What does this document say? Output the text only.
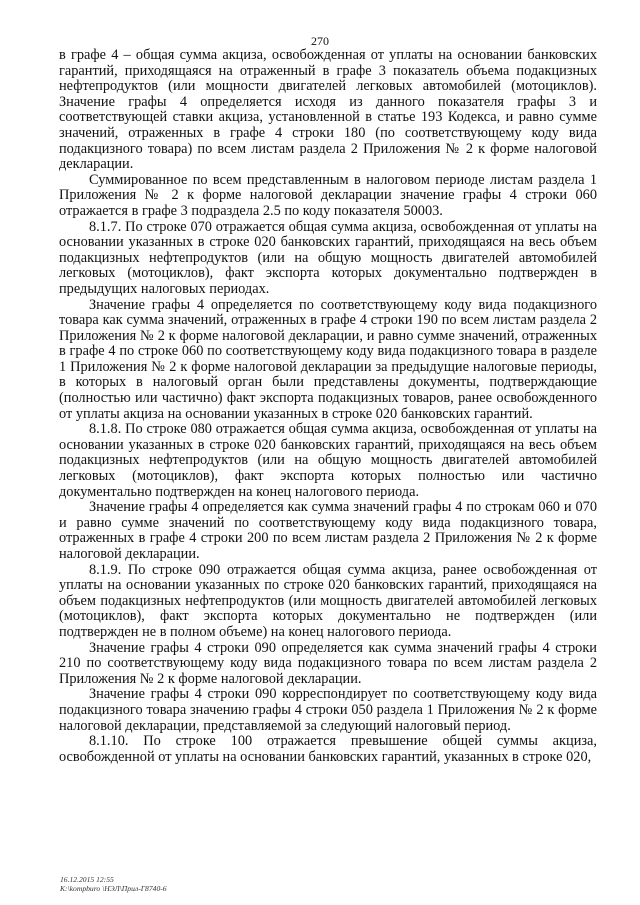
270

в графе 4 – общая сумма акциза, освобожденная от уплаты на основании банковских гарантий, приходящаяся на отраженный в графе 3 показатель объема подакцизных нефтепродуктов (или мощности двигателей легковых автомобилей (мотоциклов). Значение графы 4 определяется исходя из данного показателя графы 3 и соответствующей ставки акциза, установленной в статье 193 Кодекса, и равно сумме значений, отраженных в графе 4 строки 180 (по соответствующему коду вида подакцизного товара) по всем листам раздела 2 Приложения № 2 к форме налоговой декларации.

Суммированное по всем представленным в налоговом периоде листам раздела 1 Приложения № 2 к форме налоговой декларации значение графы 4 строки 060 отражается в графе 3 подраздела 2.5 по коду показателя 50003.

8.1.7. По строке 070 отражается общая сумма акциза, освобожденная от уплаты на основании указанных в строке 020 банковских гарантий, приходящаяся на весь объем подакцизных нефтепродуктов (или на общую мощность двигателей автомобилей легковых (мотоциклов), факт экспорта которых документально подтвержден в предыдущих налоговых периодах.

Значение графы 4 определяется по соответствующему коду вида подакцизного товара как сумма значений, отраженных в графе 4 строки 190 по всем листам раздела 2 Приложения № 2 к форме налоговой декларации, и равно сумме значений, отраженных в графе 4 по строке 060 по соответствующему коду вида подакцизного товара в разделе 1 Приложения № 2 к форме налоговой декларации за предыдущие налоговые периоды, в которых в налоговый орган были представлены документы, подтверждающие (полностью или частично) факт экспорта подакцизных товаров, ранее освобожденного от уплаты акциза на основании указанных в строке 020 банковских гарантий.

8.1.8. По строке 080 отражается общая сумма акциза, освобожденная от уплаты на основании указанных в строке 020 банковских гарантий, приходящаяся на весь объем подакцизных нефтепродуктов (или на общую мощность двигателей автомобилей легковых (мотоциклов), факт экспорта которых полностью или частично документально подтвержден на конец налогового периода.

Значение графы 4 определяется как сумма значений графы 4 по строкам 060 и 070 и равно сумме значений по соответствующему коду вида подакцизного товара, отраженных в графе 4 строки 200 по всем листам раздела 2 Приложения № 2 к форме налоговой декларации.

8.1.9. По строке 090 отражается общая сумма акциза, ранее освобожденная от уплаты на основании указанных по строке 020 банковских гарантий, приходящаяся на объем подакцизных нефтепродуктов (или мощность двигателей автомобилей легковых (мотоциклов), факт экспорта которых документально не подтвержден (или подтвержден не в полном объеме) на конец налогового периода.

Значение графы 4 строки 090 определяется как сумма значений графы 4 строки 210 по соответствующему коду вида подакцизного товара по всем листам раздела 2 Приложения № 2 к форме налоговой декларации.

Значение графы 4 строки 090 корреспондирует по соответствующему коду вида подакцизного товара значению графы 4 строки 050 раздела 1 Приложения № 2 к форме налоговой декларации, представляемой за следующий налоговый период.

8.1.10. По строке 100 отражается превышение общей суммы акциза, освобожденной от уплаты на основании банковских гарантий, указанных в строке 020,

16.12.2015 12:55
К:\kompburo \НЭЛ\Прил-Г8740-6
